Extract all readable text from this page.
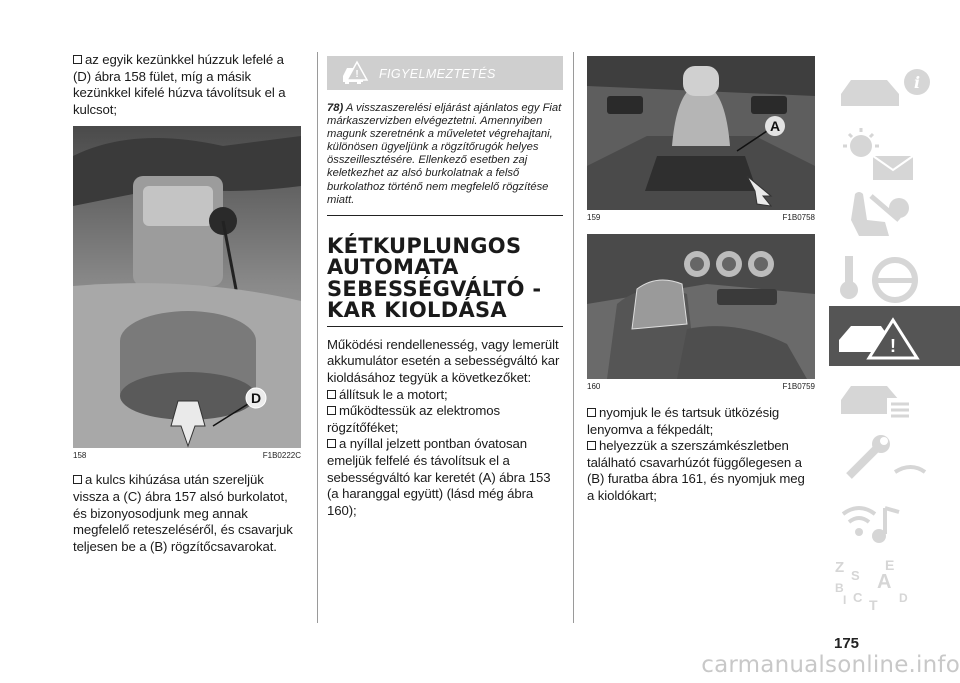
az egyik kezünkkel húzzuk lefelé a (D) ábra 158 fület, míg a másik kezünkkel kifelé húzva távolítsuk el a kulcsot;

D
158	F1B0222C

a kulcs kihúzása után szereljük vissza a (C) ábra 157 alsó burkolatot, és bizonyosodjunk meg annak megfelelő reteszeléséről, és csavarjuk teljesen be a (B) rögzítőcsavarokat.

! FIGYELMEZTETÉS

78) A visszaszerelési eljárást ajánlatos egy Fiat márkaszervizben elvégeztetni. Amennyiben magunk szeretnénk a műveletet végrehajtani, különösen ügyeljünk a rögzítőrugók helyes összeillesztésére. Ellenkező esetben zaj keletkezhet az alsó burkolatnak a felső burkolathoz történő nem megfelelő rögzítése miatt.

KÉTKUPLUNGOS AUTOMATA SEBESSÉGVÁLTÓ - KAR KIOLDÁSA

Működési rendellenesség, vagy lemerült akkumulátor esetén a sebességváltó kar kioldásához tegyük a következőket:

állítsuk le a motort;

működtessük az elektromos rögzítőféket;

a nyíllal jelzett pontban óvatosan emeljük felfelé és távolítsuk el a sebességváltó kar keretét (A) ábra 153 (a haranggal együtt) (lásd még ábra 160);

A
159	F1B0758
160	F1B0759

nyomjuk le és tartsuk ütközésig lenyomva a fékpedált;

helyezzük a szerszámkészletben található csavarhúzót függőlegesen a (B) furatba ábra 161, és nyomjuk meg a kioldókart;

i
!
Z	E
S A
B
C
I T D
175
carmanualsonline.info
